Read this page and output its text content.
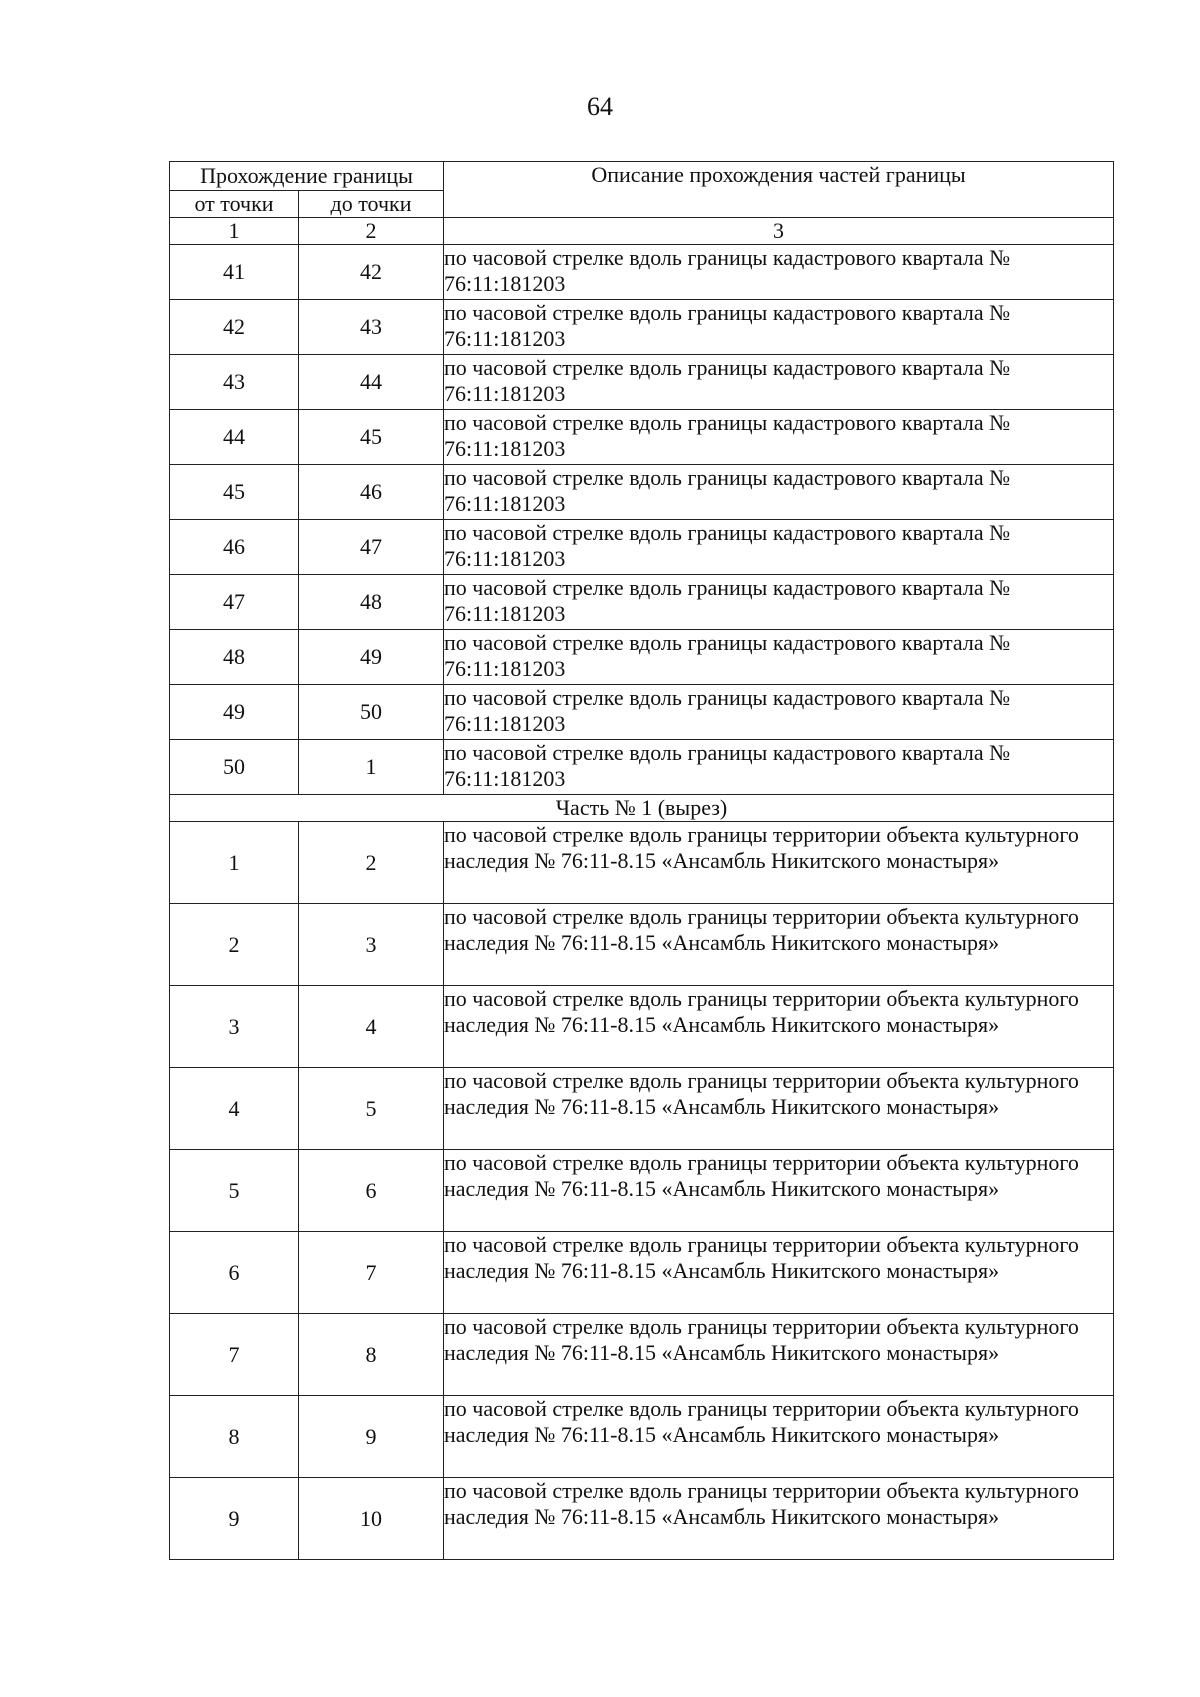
64
Прохождение границы		Описание прохождения частей границы
от точки	до точки	
1	2	3
41	42	по часовой стрелке вдоль границы кадастрового квартала № 76:11:181203
42	43	по часовой стрелке вдоль границы кадастрового квартала № 76:11:181203
43	44	по часовой стрелке вдоль границы кадастрового квартала № 76:11:181203
44	45	по часовой стрелке вдоль границы кадастрового квартала № 76:11:181203
45	46	по часовой стрелке вдоль границы кадастрового квартала № 76:11:181203
46	47	по часовой стрелке вдоль границы кадастрового квартала № 76:11:181203
47	48	по часовой стрелке вдоль границы кадастрового квартала № 76:11:181203
48	49	по часовой стрелке вдоль границы кадастрового квартала № 76:11:181203
49	50	по часовой стрелке вдоль границы кадастрового квартала № 76:11:181203
50	1	по часовой стрелке вдоль границы кадастрового квартала № 76:11:181203
Часть № 1 (вырез)		
1	2	по часовой стрелке вдоль границы территории объекта культурного наследия № 76:11-8.15 «Ансамбль Никитского монастыря»
2	3	по часовой стрелке вдоль границы территории объекта культурного наследия № 76:11-8.15 «Ансамбль Никитского монастыря»
3	4	по часовой стрелке вдоль границы территории объекта культурного наследия № 76:11-8.15 «Ансамбль Никитского монастыря»
4	5	по часовой стрелке вдоль границы территории объекта культурного наследия № 76:11-8.15 «Ансамбль Никитского монастыря»
5	6	по часовой стрелке вдоль границы территории объекта культурного наследия № 76:11-8.15 «Ансамбль Никитского монастыря»
6	7	по часовой стрелке вдоль границы территории объекта культурного наследия № 76:11-8.15 «Ансамбль Никитского монастыря»
7	8	по часовой стрелке вдоль границы территории объекта культурного наследия № 76:11-8.15 «Ансамбль Никитского монастыря»
8	9	по часовой стрелке вдоль границы территории объекта культурного наследия № 76:11-8.15 «Ансамбль Никитского монастыря»
9	10	по часовой стрелке вдоль границы территории объекта культурного наследия № 76:11-8.15 «Ансамбль Никитского монастыря»
